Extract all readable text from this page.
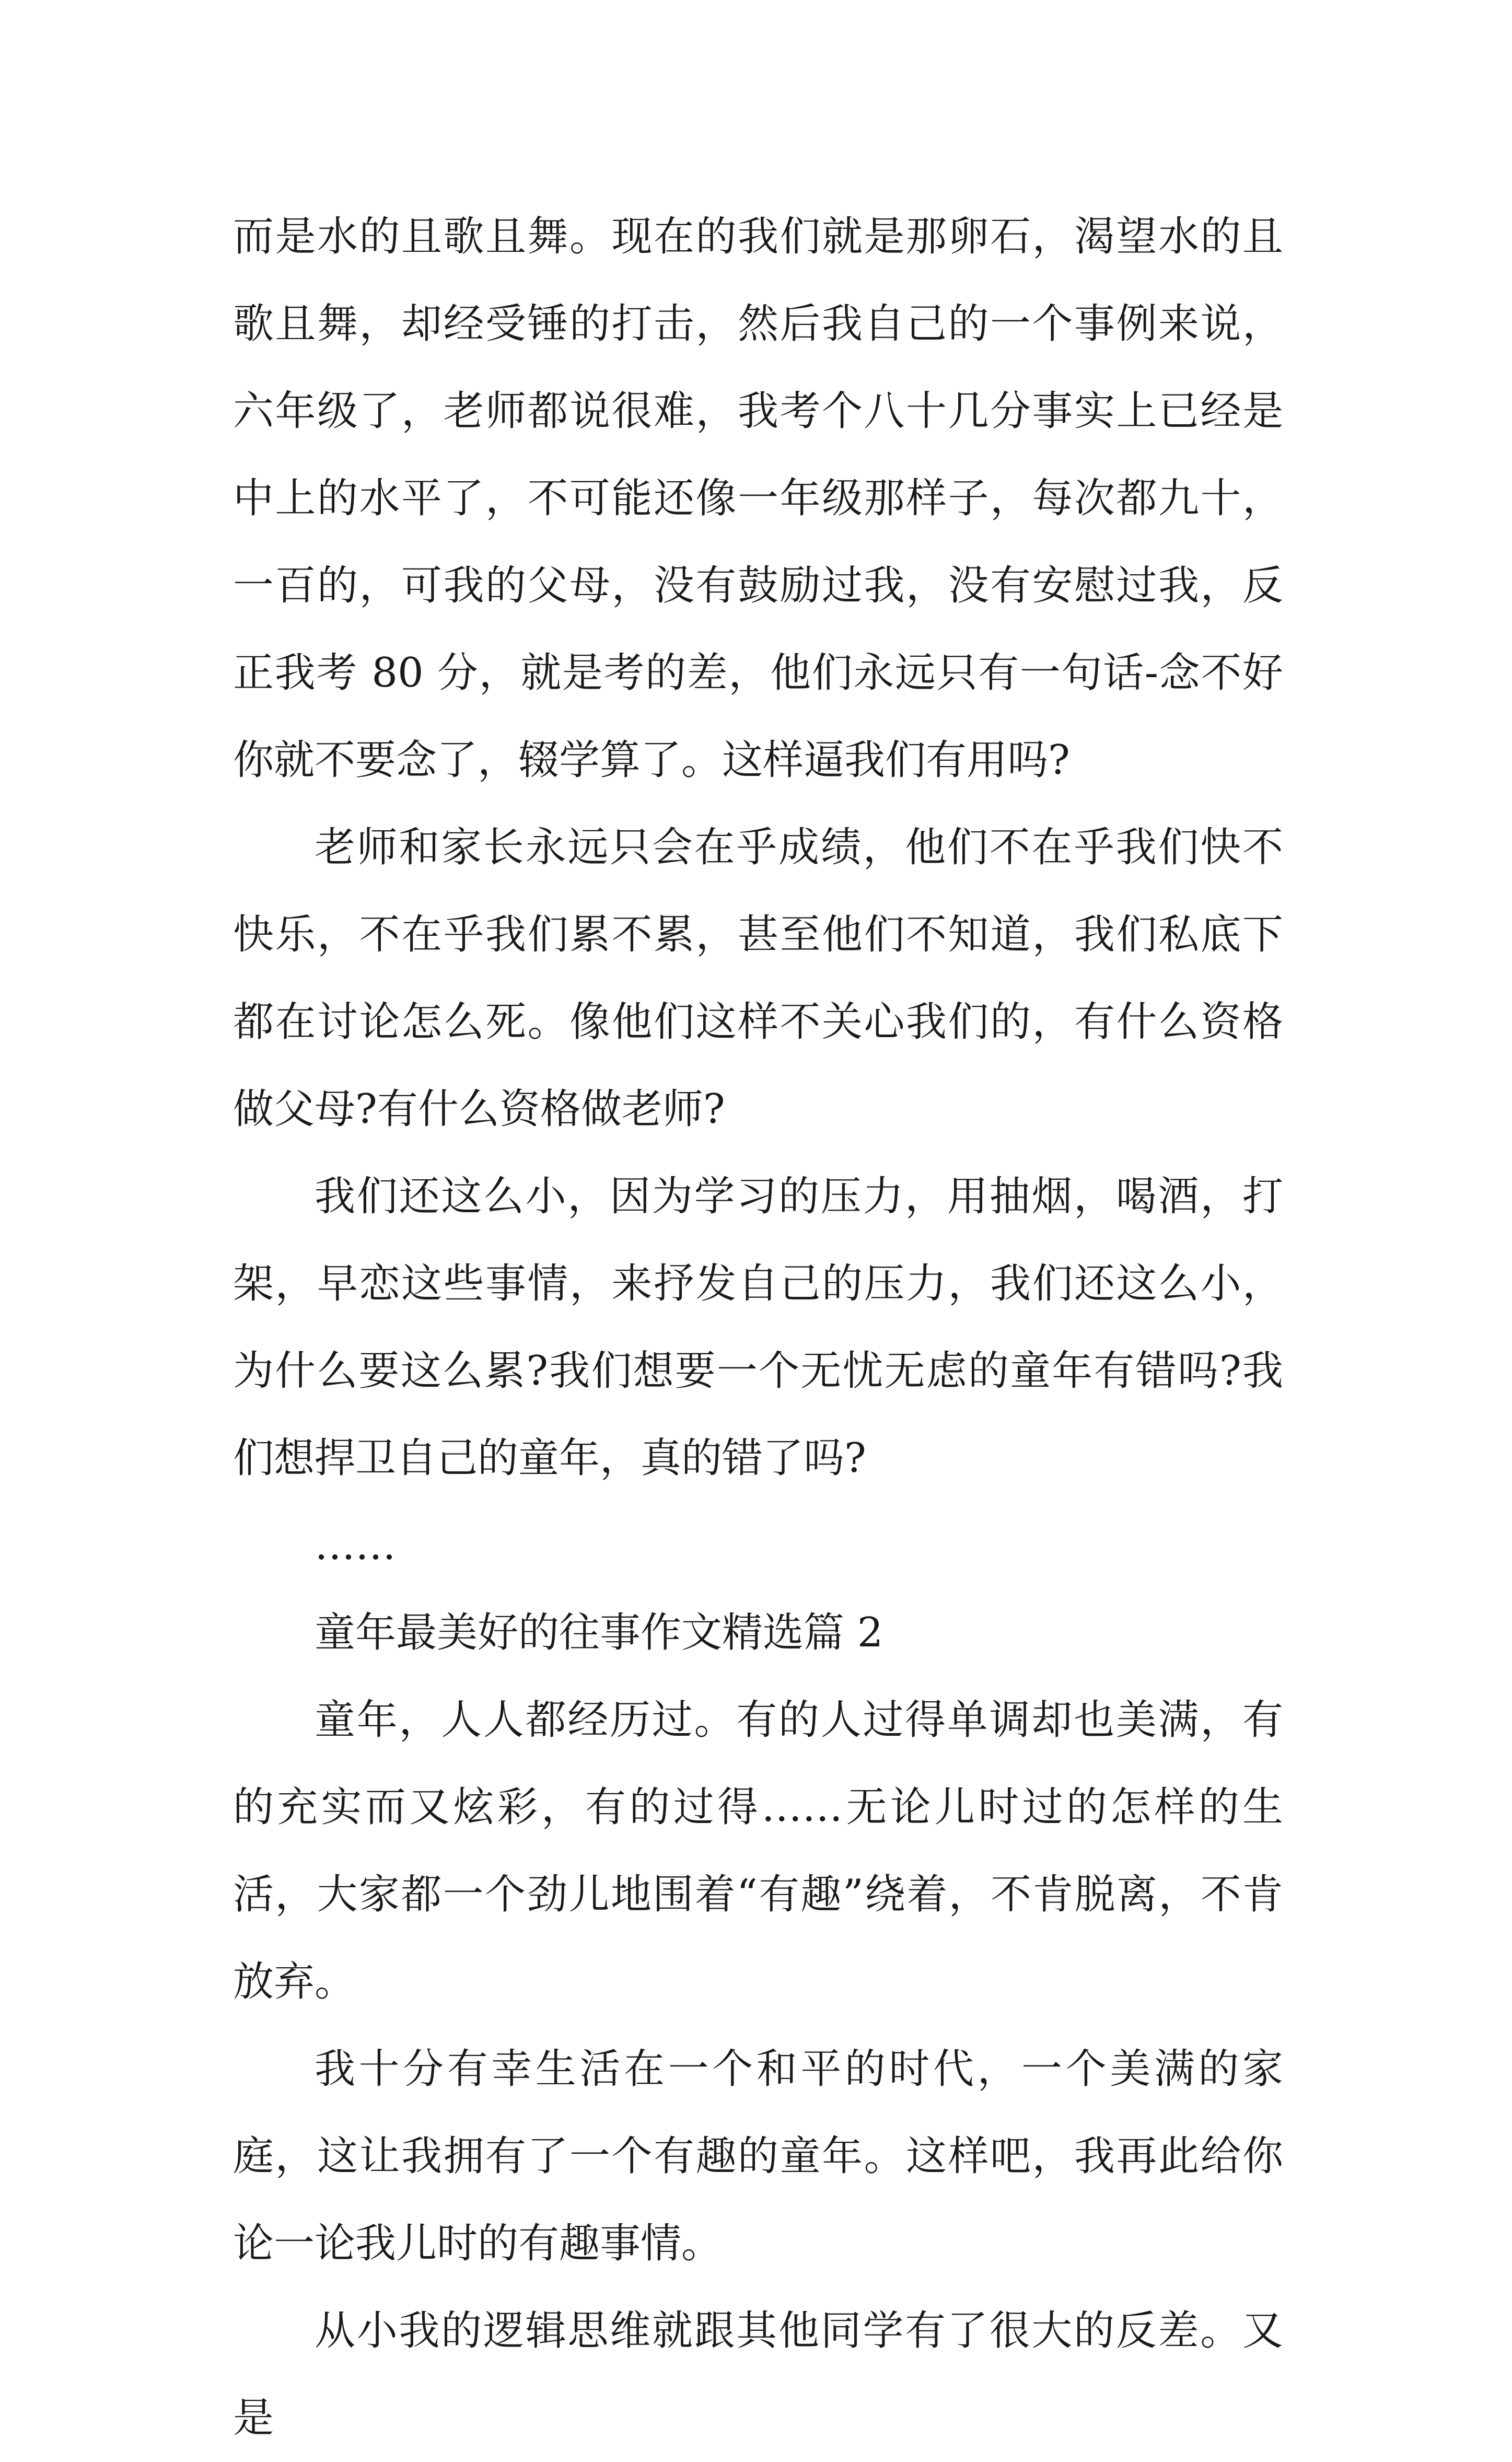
而是水的且歌且舞。现在的我们就是那卵石，渴望水的且歌且舞，却经受锤的打击，然后我自己的一个事例来说，六年级了，老师都说很难，我考个八十几分事实上已经是中上的水平了，不可能还像一年级那样子，每次都九十，一百的，可我的父母，没有鼓励过我，没有安慰过我，反正我考 80 分，就是考的差，他们永远只有一句话-念不好你就不要念了，辍学算了。这样逼我们有用吗?

老师和家长永远只会在乎成绩，他们不在乎我们快不快乐，不在乎我们累不累，甚至他们不知道，我们私底下都在讨论怎么死。像他们这样不关心我们的，有什么资格做父母?有什么资格做老师?

我们还这么小，因为学习的压力，用抽烟，喝酒，打架，早恋这些事情，来抒发自己的压力，我们还这么小，为什么要这么累?我们想要一个无忧无虑的童年有错吗?我们想捍卫自己的童年，真的错了吗?

……

童年最美好的往事作文精选篇 2

童年，人人都经历过。有的人过得单调却也美满，有的充实而又炫彩，有的过得……无论儿时过的怎样的生活，大家都一个劲儿地围着“有趣”绕着，不肯脱离，不肯放弃。

我十分有幸生活在一个和平的时代，一个美满的家庭，这让我拥有了一个有趣的童年。这样吧，我再此给你论一论我儿时的有趣事情。

从小我的逻辑思维就跟其他同学有了很大的反差。又是
